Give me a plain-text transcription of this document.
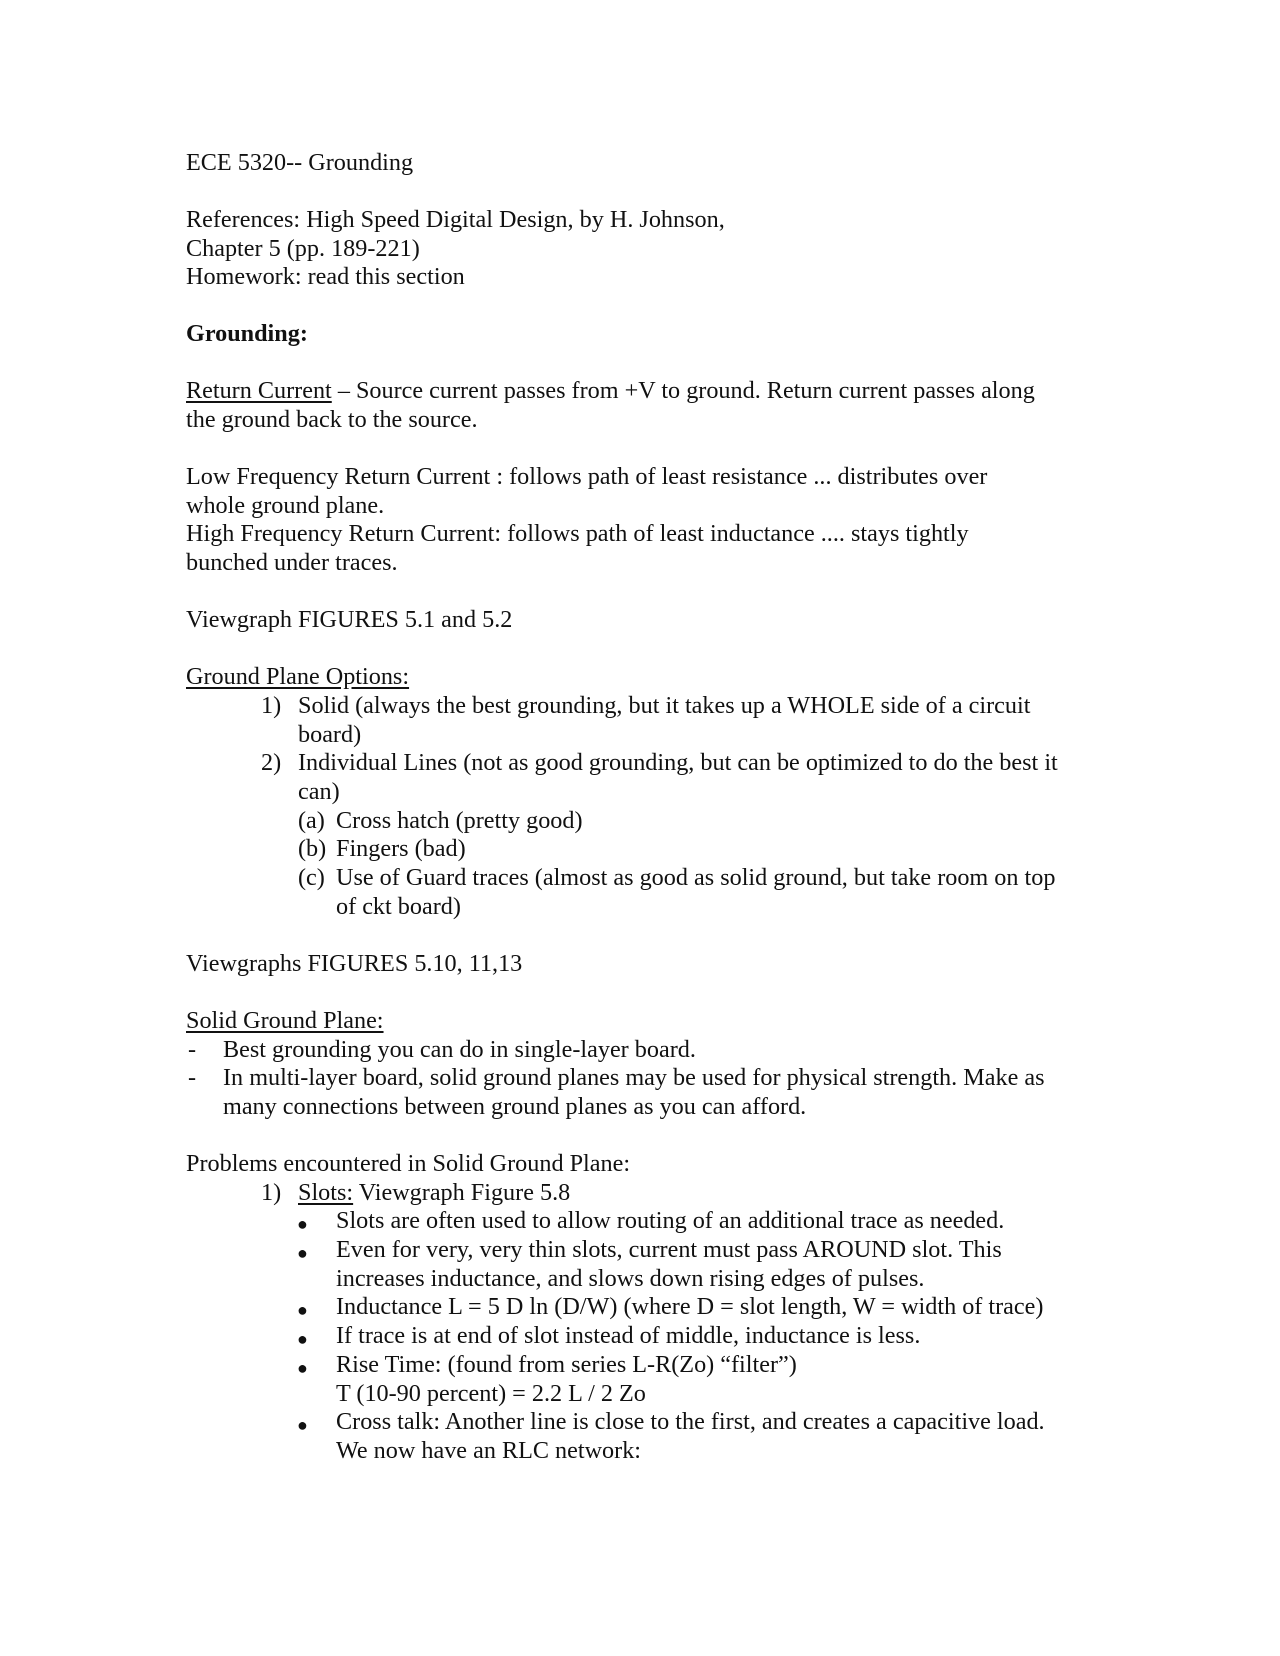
ECE 5320-- Grounding
References: High Speed Digital Design, by H. Johnson,
Chapter 5 (pp. 189-221)
Homework: read this section
Grounding:
Return Current – Source current passes from +V to ground. Return current passes along
the ground back to the source.
Low Frequency Return Current : follows path of least resistance ... distributes over
whole ground plane.
High Frequency Return Current: follows path of least inductance .... stays tightly
bunched under traces.
Viewgraph FIGURES 5.1 and 5.2
Ground Plane Options:
1) Solid (always the best grounding, but it takes up a WHOLE side of a circuit
board)
2) Individual Lines (not as good grounding, but can be optimized to do the best it
can)
(a) Cross hatch (pretty good)
(b) Fingers (bad)
(c) Use of Guard traces (almost as good as solid ground, but take room on top
of ckt board)
Viewgraphs FIGURES 5.10, 11,13
Solid Ground Plane:
- Best grounding you can do in single-layer board.
- In multi-layer board, solid ground planes may be used for physical strength. Make as
many connections between ground planes as you can afford.
Problems encountered in Solid Ground Plane:
1) Slots: Viewgraph Figure 5.8
● Slots are often used to allow routing of an additional trace as needed.
● Even for very, very thin slots, current must pass AROUND slot. This
increases inductance, and slows down rising edges of pulses.
● Inductance L = 5 D ln (D/W) (where D = slot length, W = width of trace)
● If trace is at end of slot instead of middle, inductance is less.
● Rise Time: (found from series L-R(Zo) “filter”)
T (10-90 percent) = 2.2 L / 2 Zo
● Cross talk: Another line is close to the first, and creates a capacitive load.
We now have an RLC network:
